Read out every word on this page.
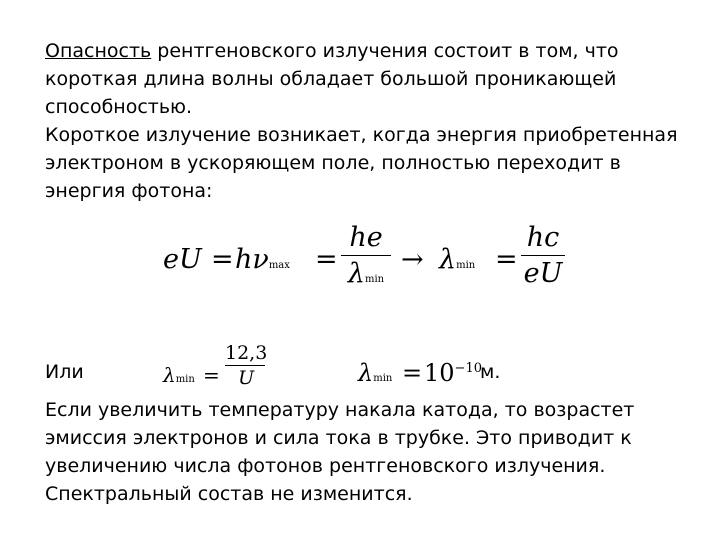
Опасность рентгеновского излучения состоит в том, что короткая длина волны обладает большой проникающей способностью.
Короткое излучение возникает, когда энергия приобретенная электроном в ускоряющем поле, полностью переходит в энергия фотона:
eU = hνmax =
he
λmin
→ λmin =
hc
eU
Или	λmin =
12,3
U	$\lambda\min = 10^{-10}$
м.
Если увеличить температуру накала катода, то возрастет эмиссия электронов и сила тока в трубке. Это приводит к увеличению числа фотонов рентгеновского излучения. Спектральный состав не изменится.
